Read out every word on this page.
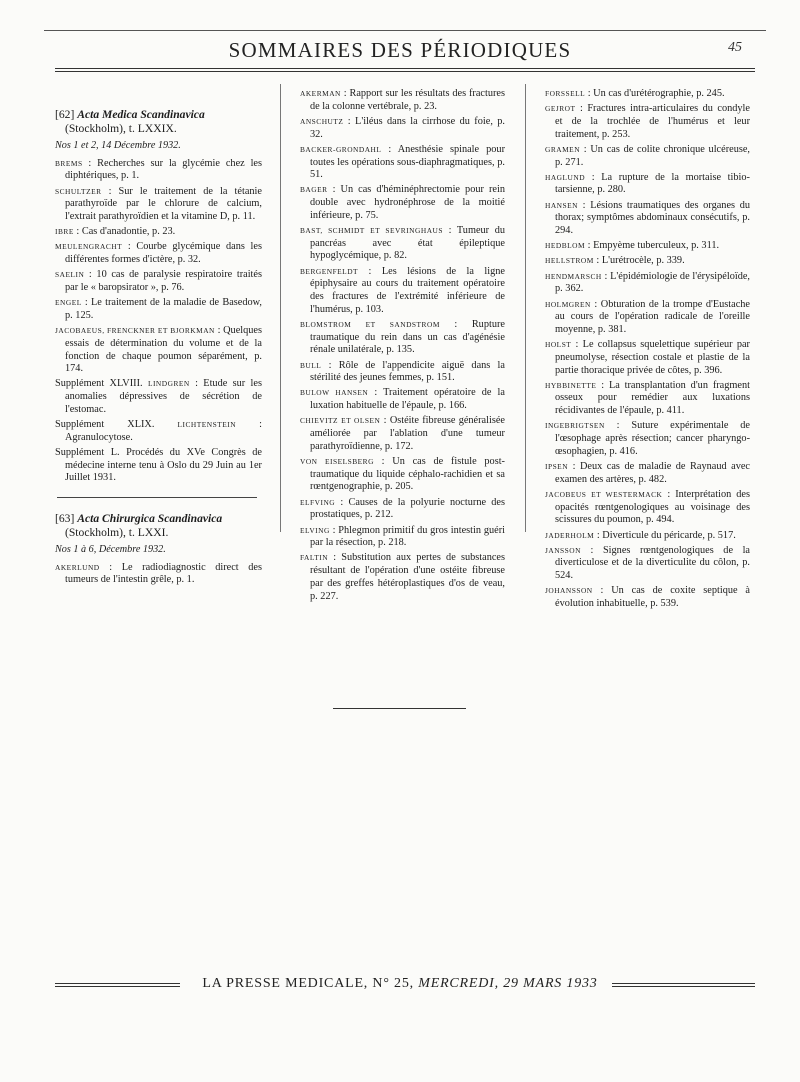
SOMMAIRES DES PÉRIODIQUES	45
[62] Acta Medica Scandinavica (Stockholm), t. LXXIX.
Nos 1 et 2, 14 Décembre 1932.

BREMS : Recherches sur la glycémie chez les diphtériques, p. 1.

SCHULTZER : Sur le traitement de la tétanie parathyroïde par le chlorure de calcium, l'extrait parathyroïdien et la vitamine D, p. 11.

IBRE : Cas d'anadontie, p. 23.

MEULENGRACHT : Courbe glycémique dans les différentes formes d'ictère, p. 32.

SAELIN : 10 cas de paralysie respiratoire traités par le « baropsirator », p. 76.

ENGEL : Le traitement de la maladie de Basedow, p. 125.

JACOBAEUS, FRENCKNER ET BJORKMAN : Quelques essais de détermination du volume et de la fonction de chaque poumon séparément, p. 174.

Supplément XLVIII. LINDGREN : Etude sur les anomalies dépressives de sécrétion de l'estomac.

Supplément XLIX.	LICHTENSTEIN : Agranulocytose.

Supplément L. Procédés du XVe Congrès de médecine interne tenu à Oslo du 29 Juin au 1er Juillet 1931.

[63] Acta Chirurgica Scandinavica (Stockholm), t. LXXI.
Nos 1 à 6, Décembre 1932.

AKERLUND : Le radiodiagnostic direct des tumeurs de l'intestin grêle, p. 1.

AKERMAN : Rapport sur les résultats des fractures de la colonne vertébrale, p. 23.

ANSCHUTZ : L'iléus dans la cirrhose du foie, p. 32.

BACKER-GRONDAHL : Anesthésie spinale pour toutes les opérations sous-diaphragmatiques, p. 51.

BAGER : Un cas d'héminéphrectomie pour rein double avec hydronéphrose de la moitié inférieure, p. 75.

BAST, SCHMIDT ET SEVRINGHAUS : Tumeur du pancréas avec état épileptique hypoglycémique, p. 82.

BERGENFELDT : Les lésions de la ligne épiphysaire au cours du traitement opératoire des fractures de l'extrémité inférieure de l'humérus, p. 103.

BLOMSTROM ET SANDSTROM : Rupture traumatique du rein dans un cas d'agénésie rénale unilatérale, p. 135.

BULL : Rôle de l'appendicite aiguë dans la stérilité des jeunes femmes, p. 151.

BULOW HANSEN : Traitement opératoire de la luxation habituelle de l'épaule, p. 166.

CHIEVITZ ET OLSEN : Ostéite fibreuse généralisée améliorée par l'ablation d'une tumeur parathyroïdienne, p. 172.

VON EISELSBERG : Un cas de fistule post-traumatique du liquide céphalo-rachidien et sa rœntgenographie, p. 205.

ELFVING : Causes de la polyurie nocturne des prostatiques, p. 212.

ELVING : Phlegmon primitif du gros intestin guéri par la résection, p. 218.

FALTIN : Substitution aux pertes de substances résultant de l'opération d'une ostéite fibreuse par des greffes hétéroplastiques d'os de veau, p. 227.

FORSSELL : Un cas d'urétérographie, p. 245.

GEJROT : Fractures intra-articulaires du condyle et de la trochlée de l'humérus et leur traitement, p. 253.

GRAMEN : Un cas de colite chronique ulcéreuse, p. 271.

HAGLUND : La rupture de la mortaise tibio-tarsienne, p. 280.

HANSEN : Lésions traumatiques des organes du thorax; symptômes abdominaux consécutifs, p. 294.

HEDBLOM : Empyème tuberculeux, p. 311.

HELLSTROM : L'urétrocèle, p. 339.

HENDMARSCH : L'épidémiologie de l'érysipéloïde, p. 362.

HOLMGREN : Obturation de la trompe d'Eustache au cours de l'opération radicale de l'oreille moyenne, p. 381.

HOLST : Le collapsus squelettique supérieur par pneumolyse, résection costale et plastie de la partie thoracique privée de côtes, p. 396.

HYBBINETTE : La transplantation d'un fragment osseux pour remédier aux luxations récidivantes de l'épaule, p. 411.

INGEBRIGTSEN : Suture expérimentale de l'œsophage après résection; cancer pharyngo-œsophagien, p. 416.

IPSEN : Deux cas de maladie de Raynaud avec examen des artères, p. 482.

JACOBEUS ET WESTERMACK : Interprétation des opacités rœntgenologiques au voisinage des scissures du poumon, p. 494.

JADERHOLM : Diverticule du péricarde, p. 517.

JANSSON : Signes rœntgenologiques de la diverticulose et de la diverticulite du côlon, p. 524.

JOHANSSON : Un cas de coxite septique à évolution inhabituelle, p. 539.

LA PRESSE MEDICALE, N° 25, MERCREDI, 29 MARS 1933
